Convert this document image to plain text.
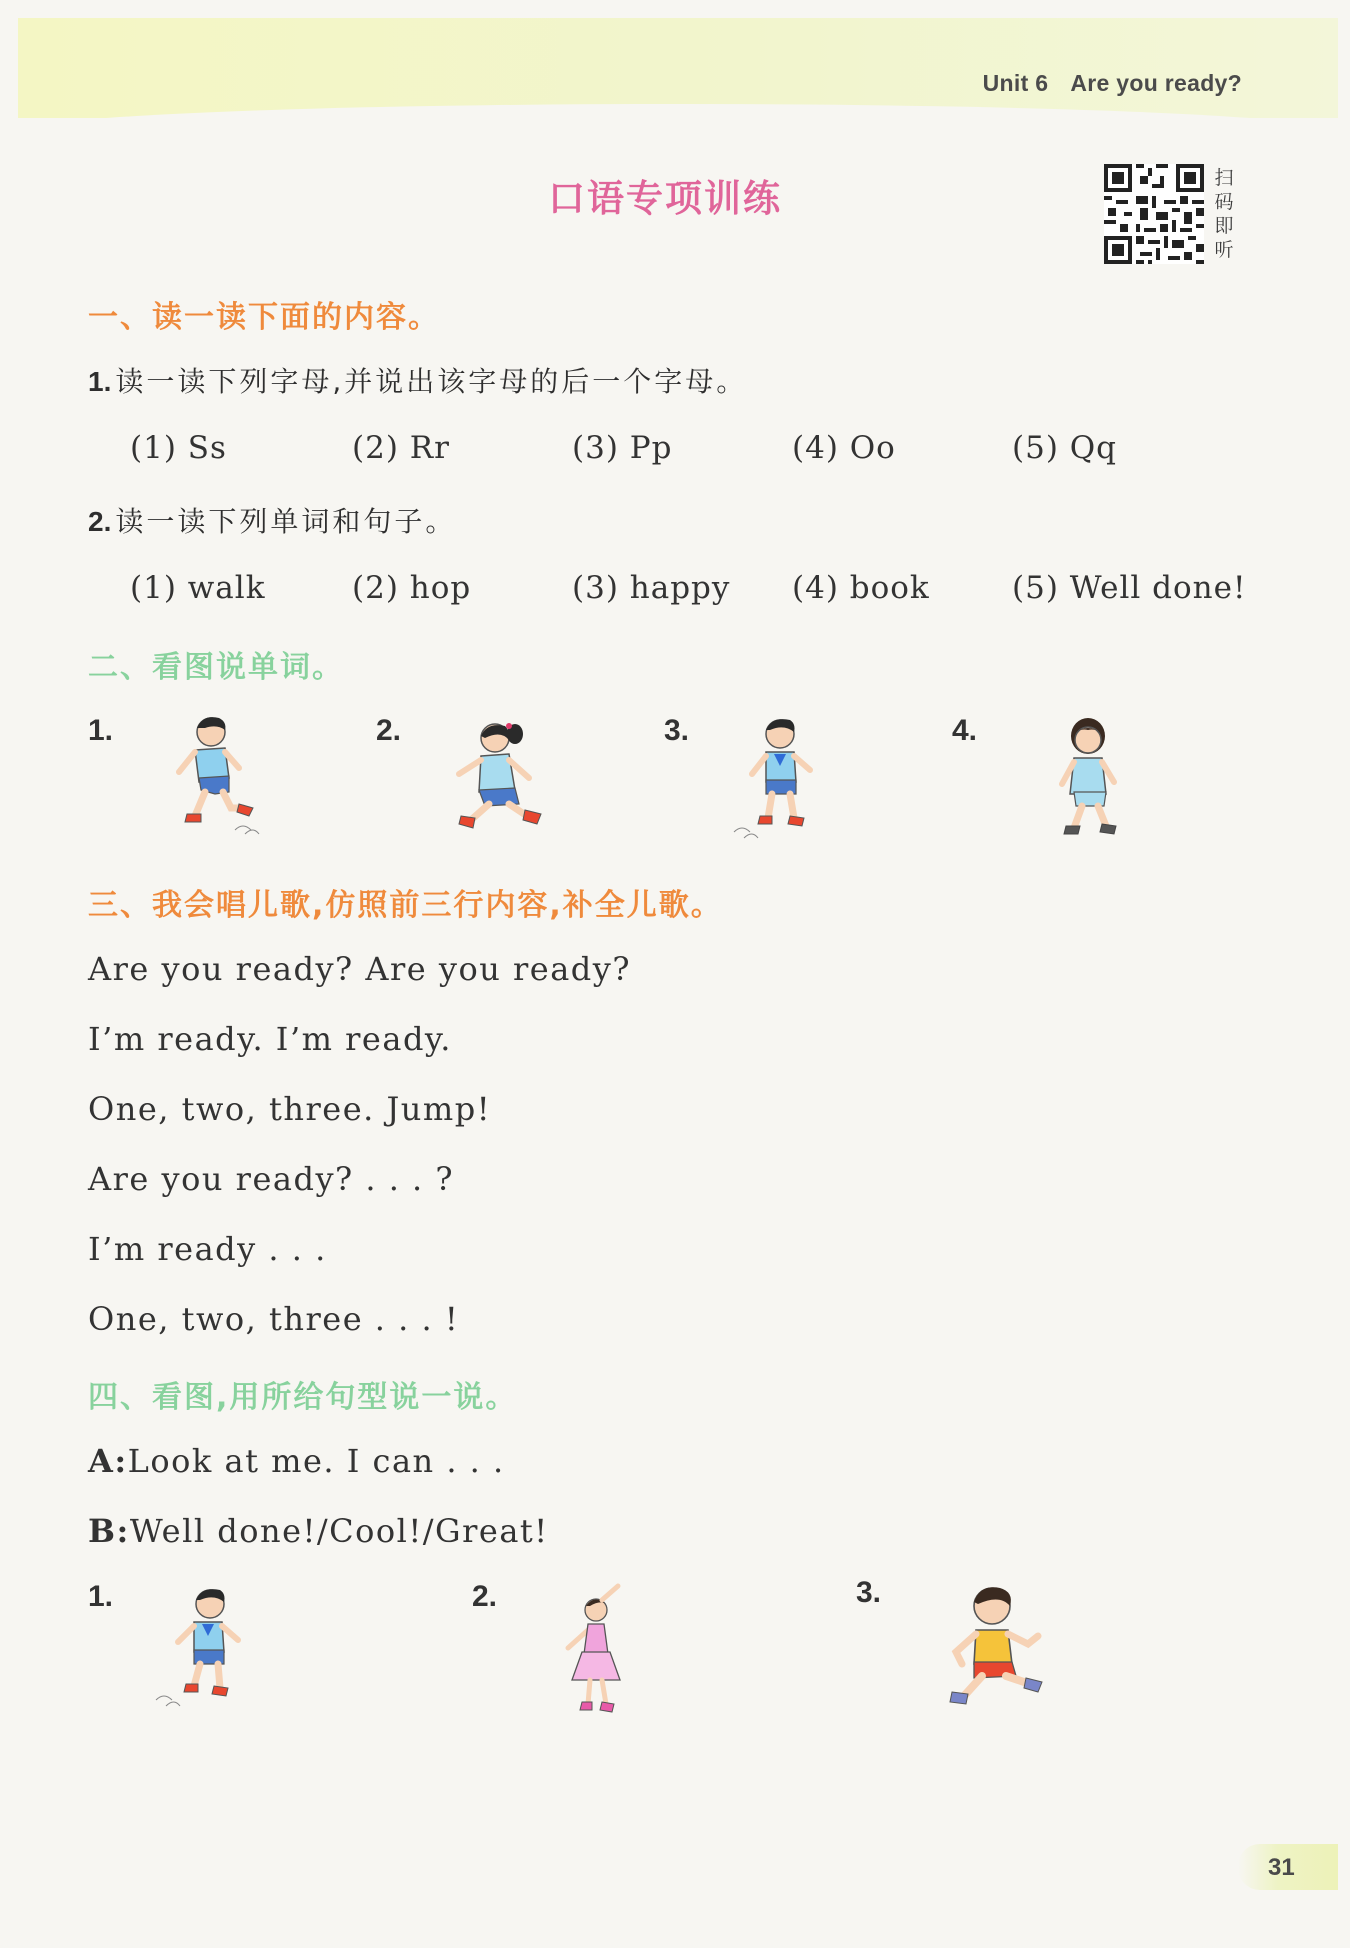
Unit 6 Are you ready?
口语专项训练	扫
码
即
听
一、读一读下面的内容。
1. 读一读下列字母,并说出该字母的后一个字母。
(1) Ss	(2) Rr	(3) Pp	(4) Oo	(5) Qq
2. 读一读下列单词和句子。
(1) walk	(2) hop	(3) happy (4) book	(5) Well done!
二、看图说单词。
1.	2.	3.	4.
三、我会唱儿歌,仿照前三行内容,补全儿歌。
Are you ready? Are you ready?
I’m ready. I’m ready.
One, two, three. Jump!
Are you ready? . . . ?
I’m ready . . .
One, two, three . . . !
四、看图,用所给句型说一说。
A:Look at me. I can . . .
B:Well done!/Cool!/Great!
1.	2.	3.
31
